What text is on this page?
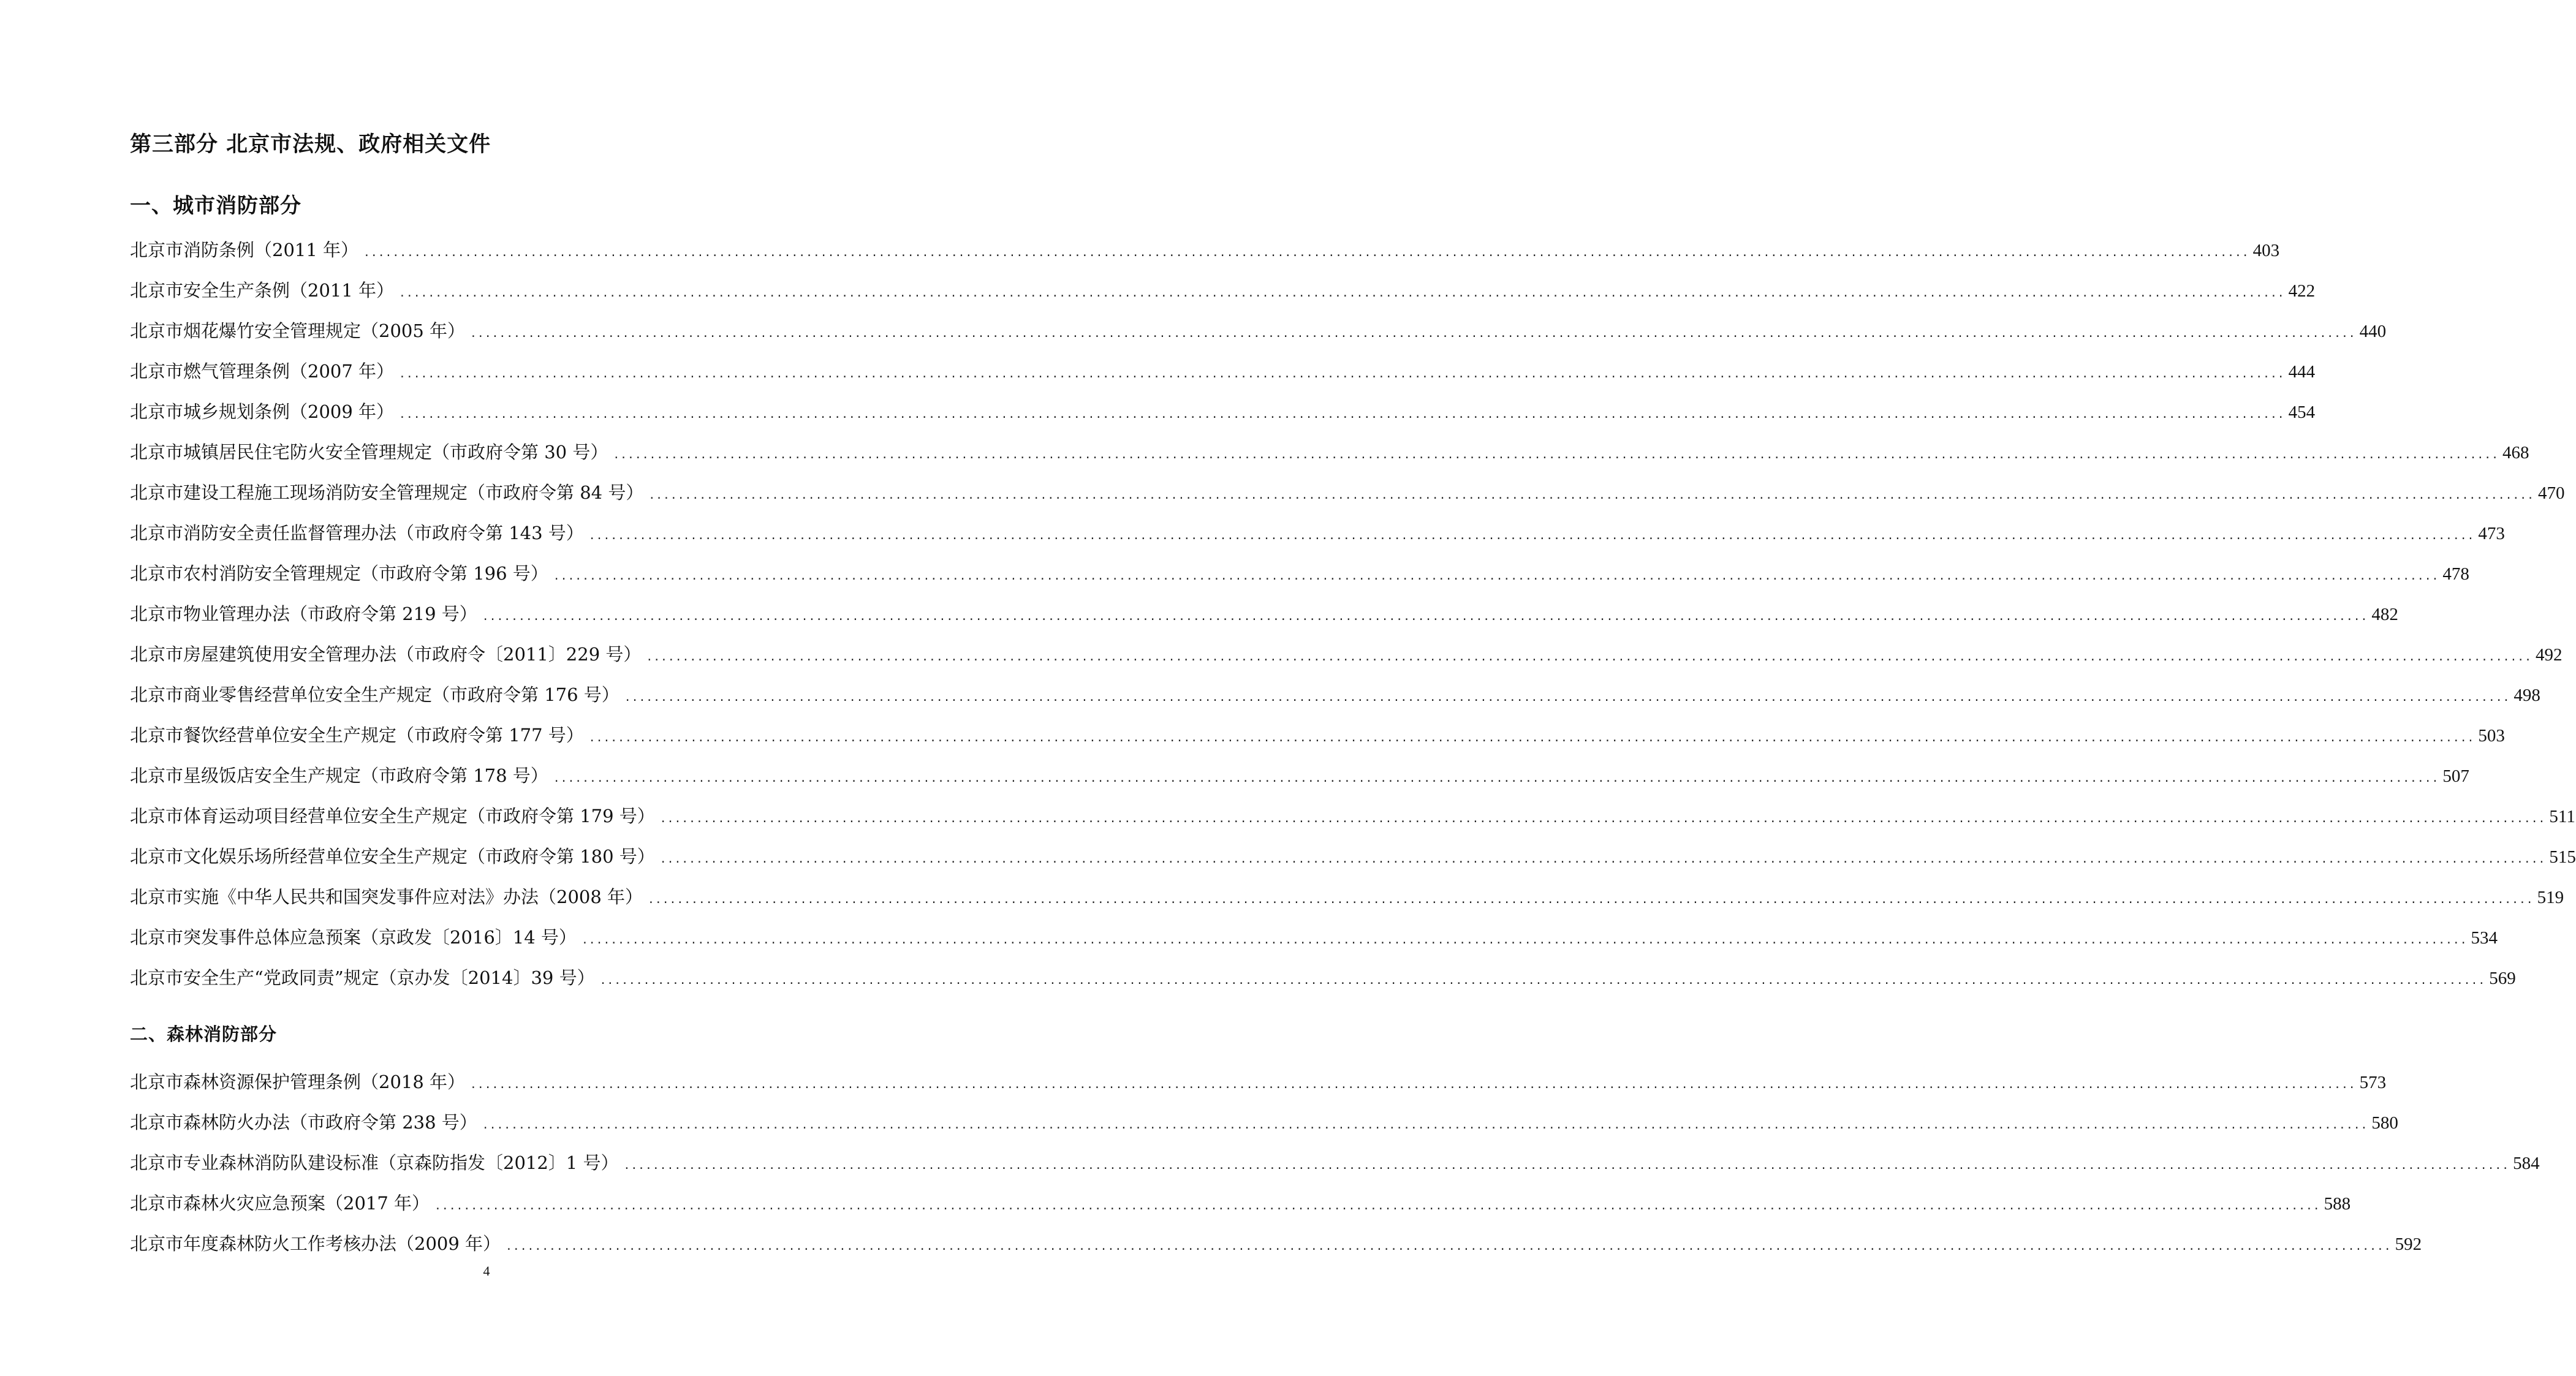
第三部分 北京市法规、政府相关文件
一、城市消防部分
北京市消防条例（2011 年） .................................................................................................................................................................................................................................................................... 403
北京市安全生产条例（2011 年） .................................................................................................................................................................................................................................................................... 422
北京市烟花爆竹安全管理规定（2005 年） .................................................................................................................................................................................................................................................................... 440
北京市燃气管理条例（2007 年） .................................................................................................................................................................................................................................................................... 444
北京市城乡规划条例（2009 年） .................................................................................................................................................................................................................................................................... 454
北京市城镇居民住宅防火安全管理规定（市政府令第 30 号） .................................................................................................................................................................................................................................................................... 468
北京市建设工程施工现场消防安全管理规定（市政府令第 84 号） .................................................................................................................................................................................................................................................................... 470
北京市消防安全责任监督管理办法（市政府令第 143 号） .................................................................................................................................................................................................................................................................... 473
北京市农村消防安全管理规定（市政府令第 196 号） .................................................................................................................................................................................................................................................................... 478
北京市物业管理办法（市政府令第 219 号） .................................................................................................................................................................................................................................................................... 482
北京市房屋建筑使用安全管理办法（市政府令〔2011〕229 号） .................................................................................................................................................................................................................................................................... 492
北京市商业零售经营单位安全生产规定（市政府令第 176 号） .................................................................................................................................................................................................................................................................... 498
北京市餐饮经营单位安全生产规定（市政府令第 177 号） .................................................................................................................................................................................................................................................................... 503
北京市星级饭店安全生产规定（市政府令第 178 号） .................................................................................................................................................................................................................................................................... 507
北京市体育运动项目经营单位安全生产规定（市政府令第 179 号） .................................................................................................................................................................................................................................................................... 511
北京市文化娱乐场所经营单位安全生产规定（市政府令第 180 号） .................................................................................................................................................................................................................................................................... 515
北京市实施《中华人民共和国突发事件应对法》办法（2008 年） .................................................................................................................................................................................................................................................................... 519
北京市突发事件总体应急预案（京政发〔2016〕14 号） .................................................................................................................................................................................................................................................................... 534
北京市安全生产“党政同责”规定（京办发〔2014〕39 号） .................................................................................................................................................................................................................................................................... 569
二、森林消防部分
北京市森林资源保护管理条例（2018 年） .................................................................................................................................................................................................................................................................... 573
北京市森林防火办法（市政府令第 238 号） .................................................................................................................................................................................................................................................................... 580
北京市专业森林消防队建设标准（京森防指发〔2012〕1 号） .................................................................................................................................................................................................................................................................... 584
北京市森林火灾应急预案（2017 年） .................................................................................................................................................................................................................................................................... 588
北京市年度森林防火工作考核办法（2009 年） .................................................................................................................................................................................................................................................................... 592
4
